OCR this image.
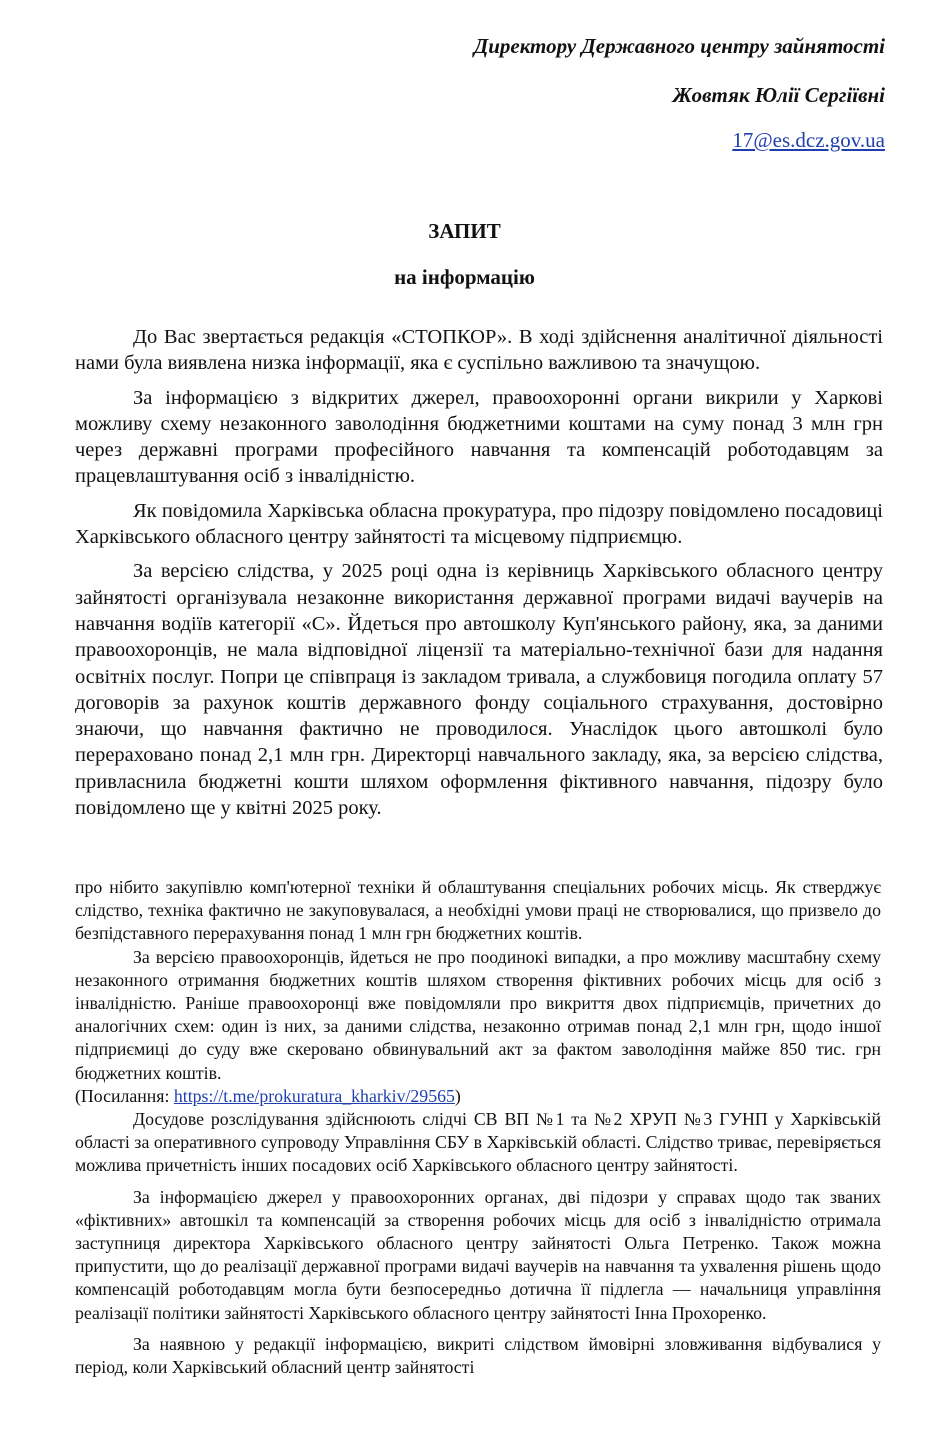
Директору Державного центру зайнятості
Жовтяк Юлії Сергіївні
17@es.dcz.gov.ua
ЗАПИТ
на інформацію

До Вас звертається редакція «СТОПКОР». В ході здійснення аналітичної діяльності нами була виявлена низка інформації, яка є суспільно важливою та значущою.

За інформацією з відкритих джерел, правоохоронні органи викрили у Харкові можливу схему незаконного заволодіння бюджетними коштами на суму понад 3 млн грн через державні програми професійного навчання та компенсацій роботодавцям за працевлаштування осіб з інвалідністю.

Як повідомила Харківська обласна прокуратура, про підозру повідомлено посадовиці Харківського обласного центру зайнятості та місцевому підприємцю.

За версією слідства, у 2025 році одна із керівниць Харківського обласного центру зайнятості організувала незаконне використання державної програми видачі ваучерів на навчання водіїв категорії «С». Йдеться про автошколу Куп'янського району, яка, за даними правоохоронців, не мала відповідної ліцензії та матеріально-технічної бази для надання освітніх послуг. Попри це співпраця із закладом тривала, а службовиця погодила оплату 57 договорів за рахунок коштів державного фонду соціального страхування, достовірно знаючи, що навчання фактично не проводилося. Унаслідок цього автошколі було перераховано понад 2,1 млн грн. Директорці навчального закладу, яка, за версією слідства, привласнила бюджетні кошти шляхом оформлення фіктивного навчання, підозру було повідомлено ще у квітні 2025 року.

про нібито закупівлю комп'ютерної техніки й облаштування спеціальних робочих місць. Як стверджує слідство, техніка фактично не закуповувалася, а необхідні умови праці не створювалися, що призвело до безпідставного перерахування понад 1 млн грн бюджетних коштів.

За версією правоохоронців, йдеться не про поодинокі випадки, а про можливу масштабну схему незаконного отримання бюджетних коштів шляхом створення фіктивних робочих місць для осіб з інвалідністю. Раніше правоохоронці вже повідомляли про викриття двох підприємців, причетних до аналогічних схем: один із них, за даними слідства, незаконно отримав понад 2,1 млн грн, щодо іншої підприємиці до суду вже скеровано обвинувальний акт за фактом заволодіння майже 850 тис. грн бюджетних коштів.

(Посилання: https://t.me/prokuratura_kharkiv/29565)

Досудове розслідування здійснюють слідчі СВ ВП №1 та №2 ХРУП №3 ГУНП у Харківській області за оперативного супроводу Управління СБУ в Харківській області. Слідство триває, перевіряється можлива причетність інших посадових осіб Харківського обласного центру зайнятості.

За інформацією джерел у правоохоронних органах, дві підозри у справах щодо так званих «фіктивних» автошкіл та компенсацій за створення робочих місць для осіб з інвалідністю отримала заступниця директора Харківського обласного центру зайнятості Ольга Петренко. Також можна припустити, що до реалізації державної програми видачі ваучерів на навчання та ухвалення рішень щодо компенсацій роботодавцям могла бути безпосередньо дотична її підлегла — начальниця управління реалізації політики зайнятості Харківського обласного центру зайнятості Інна Прохоренко.

За наявною у редакції інформацією, викриті слідством ймовірні зловживання відбувалися у період, коли Харківський обласний центр зайнятості
